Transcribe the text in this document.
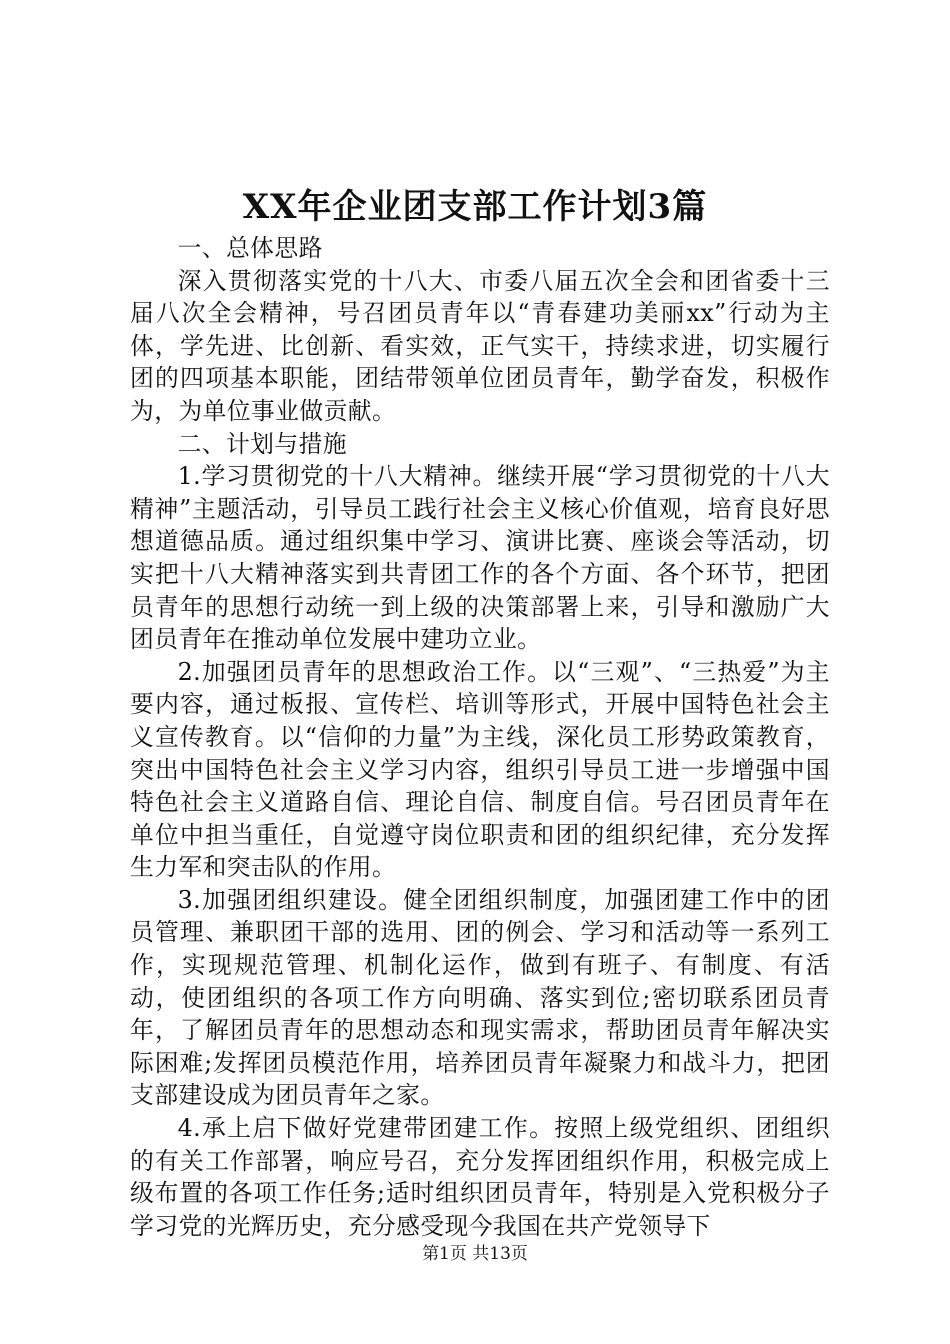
XX年企业团支部工作计划3篇

一、总体思路

深入贯彻落实党的十八大、市委八届五次全会和团省委十三届八次全会精神，号召团员青年以“青春建功美丽xx”行动为主体，学先进、比创新、看实效，正气实干，持续求进，切实履行团的四项基本职能，团结带领单位团员青年，勤学奋发，积极作为，为单位事业做贡献。

二、计划与措施

1.学习贯彻党的十八大精神。继续开展“学习贯彻党的十八大精神”主题活动，引导员工践行社会主义核心价值观，培育良好思想道德品质。通过组织集中学习、演讲比赛、座谈会等活动，切实把十八大精神落实到共青团工作的各个方面、各个环节，把团员青年的思想行动统一到上级的决策部署上来，引导和激励广大团员青年在推动单位发展中建功立业。

2.加强团员青年的思想政治工作。以“三观”、“三热爱”为主要内容，通过板报、宣传栏、培训等形式，开展中国特色社会主义宣传教育。以“信仰的力量”为主线，深化员工形势政策教育，突出中国特色社会主义学习内容，组织引导员工进一步增强中国特色社会主义道路自信、理论自信、制度自信。号召团员青年在单位中担当重任，自觉遵守岗位职责和团的组织纪律，充分发挥生力军和突击队的作用。

3.加强团组织建设。健全团组织制度，加强团建工作中的团员管理、兼职团干部的选用、团的例会、学习和活动等一系列工作，实现规范管理、机制化运作，做到有班子、有制度、有活动，使团组织的各项工作方向明确、落实到位;密切联系团员青年，了解团员青年的思想动态和现实需求，帮助团员青年解决实际困难;发挥团员模范作用，培养团员青年凝聚力和战斗力，把团支部建设成为团员青年之家。

4.承上启下做好党建带团建工作。按照上级党组织、团组织的有关工作部署，响应号召，充分发挥团组织作用，积极完成上级布置的各项工作任务;适时组织团员青年，特别是入党积极分子学习党的光辉历史，充分感受现今我国在共产党领导下

第1页 共13页
